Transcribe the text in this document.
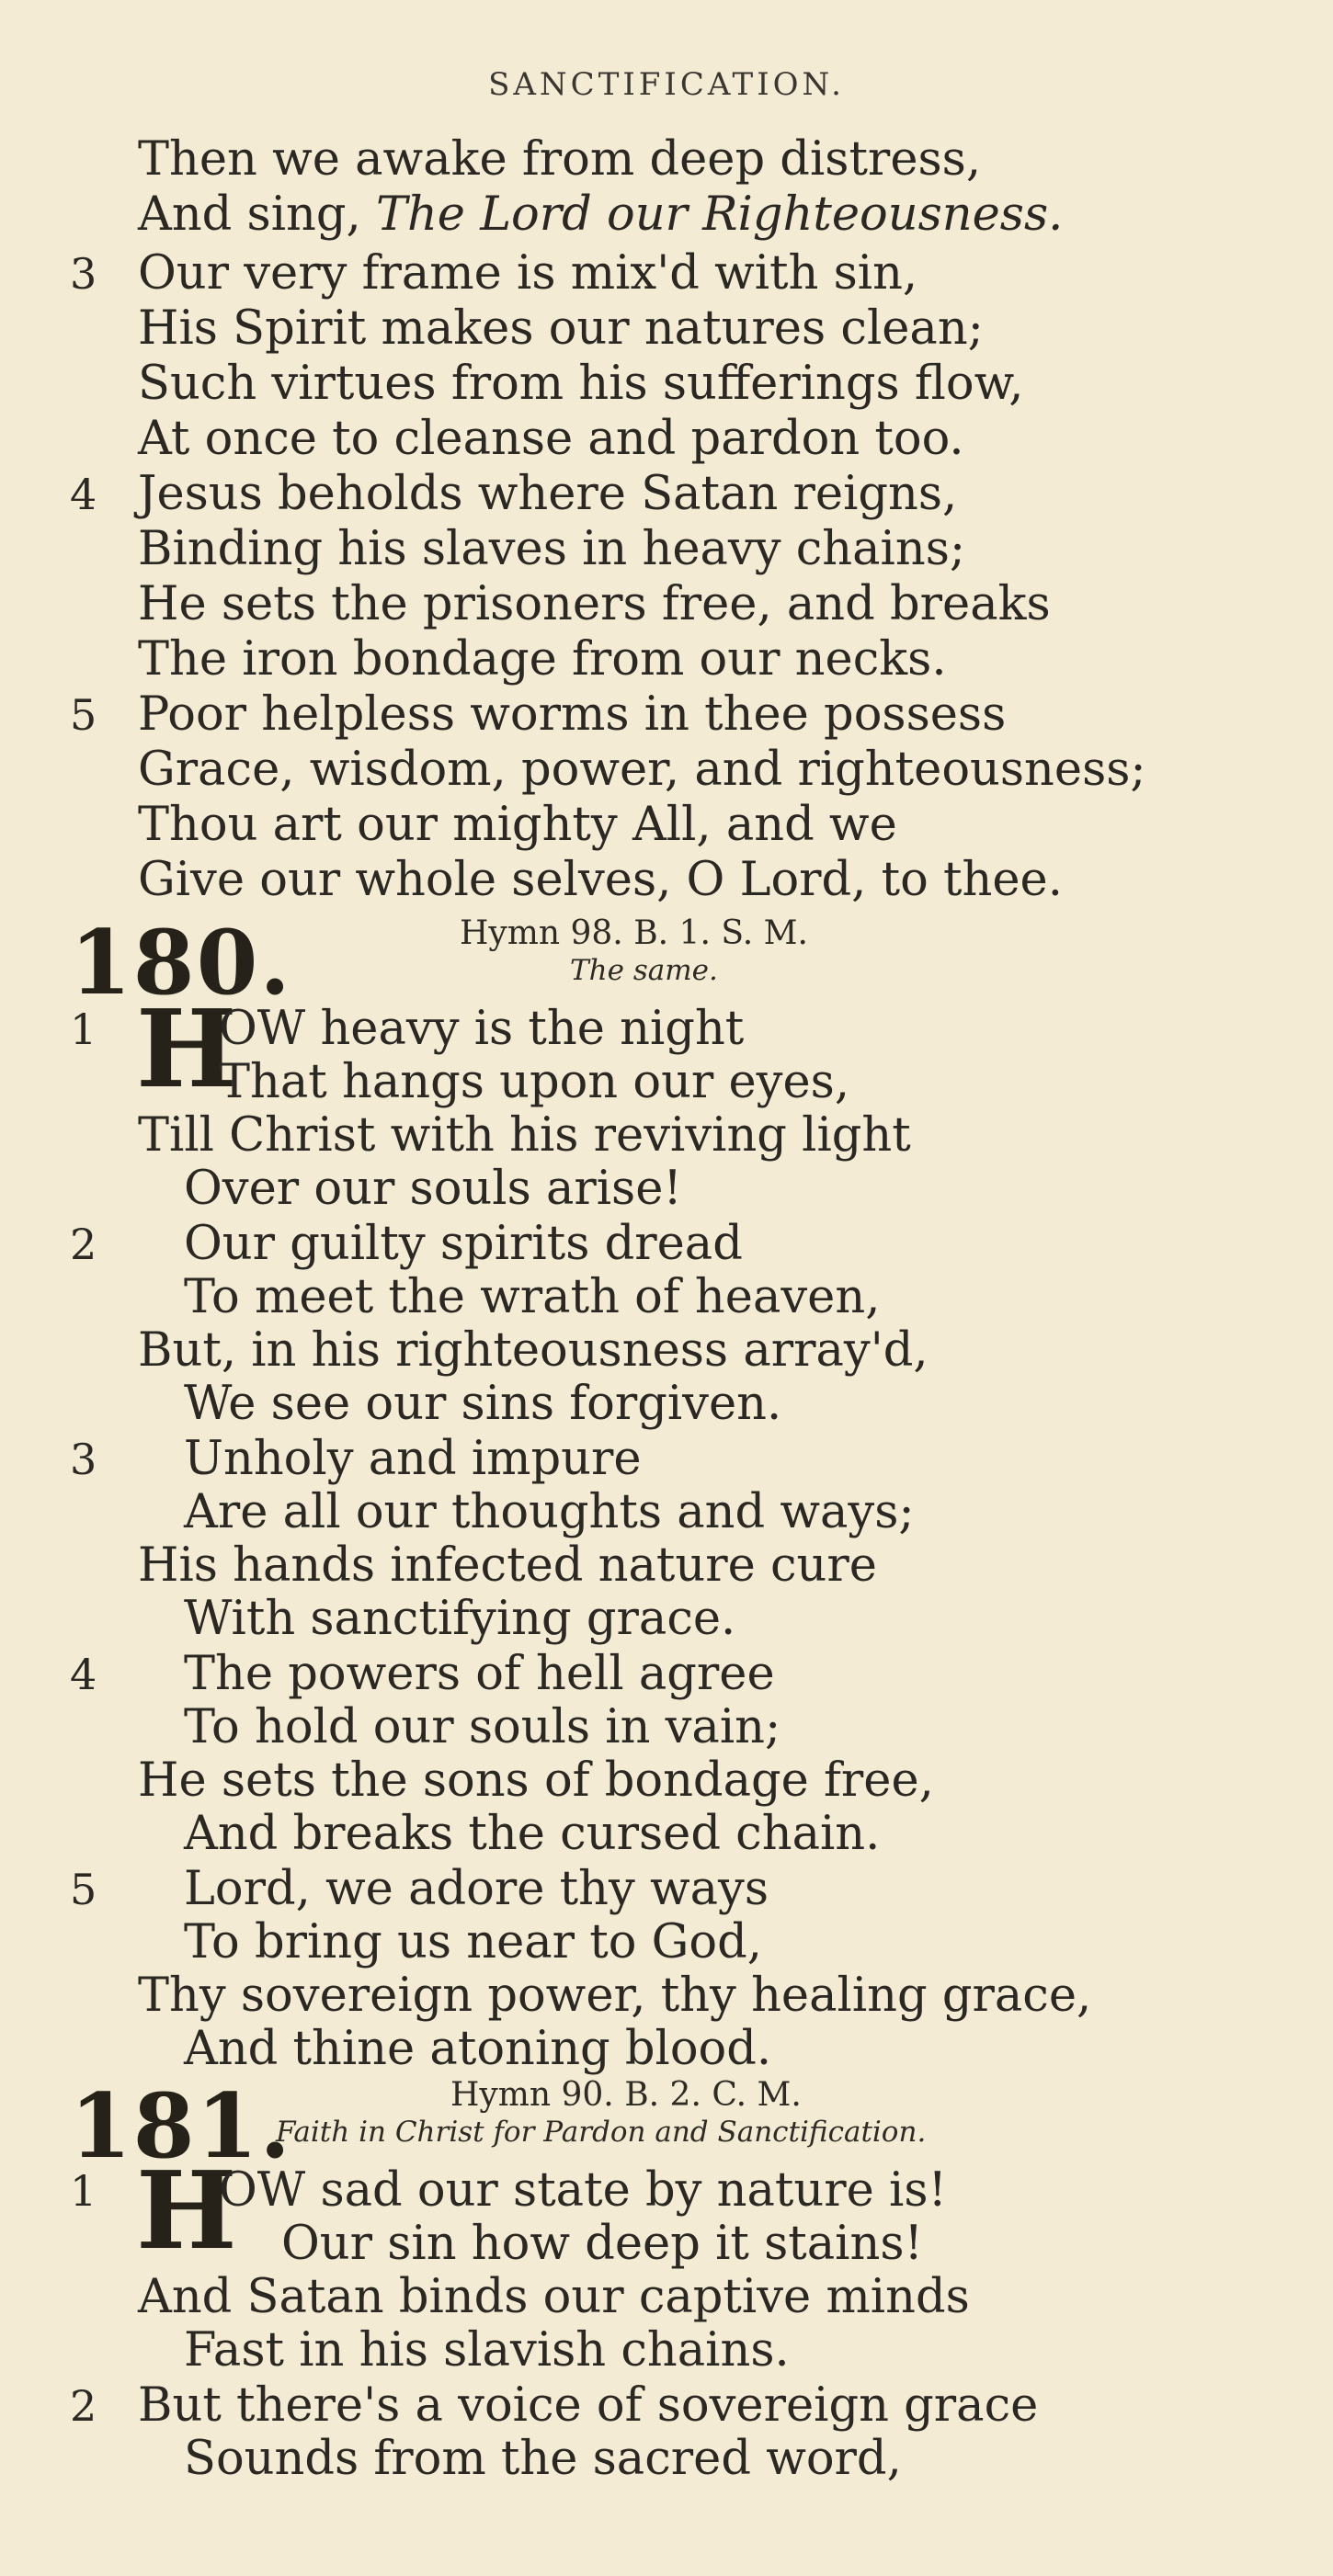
SANCTIFICATION.
Then we awake from deep distress,
And sing, The Lord our Righteousness.
3 Our very frame is mix'd with sin,
His Spirit makes our natures clean;
Such virtues from his sufferings flow,
At once to cleanse and pardon too.
4 Jesus beholds where Satan reigns,
Binding his slaves in heavy chains;
He sets the prisoners free, and breaks
The iron bondage from our necks.
5 Poor helpless worms in thee possess
Grace, wisdom, power, and righteousness;
Thou art our mighty All, and we
Give our whole selves, O Lord, to thee.
180.	Hymn 98. B. 1. S. M.
The same.
1 H
OW heavy is the night
That hangs upon our eyes,
Till Christ with his reviving light
Over our souls arise!
2 Our guilty spirits dread
To meet the wrath of heaven,
But, in his righteousness array'd,
We see our sins forgiven.
3 Unholy and impure
Are all our thoughts and ways;
His hands infected nature cure
With sanctifying grace.
4 The powers of hell agree
To hold our souls in vain;
He sets the sons of bondage free,
And breaks the cursed chain.
5 Lord, we adore thy ways
To bring us near to God,
Thy sovereign power, thy healing grace,
And thine atoning blood.
181.	Hymn 90. B. 2. C. M.
Faith in Christ for Pardon and Sanctification.
1 H
OW sad our state by nature is!
Our sin how deep it stains!
And Satan binds our captive minds
Fast in his slavish chains.
2 But there's a voice of sovereign grace
Sounds from the sacred word,
